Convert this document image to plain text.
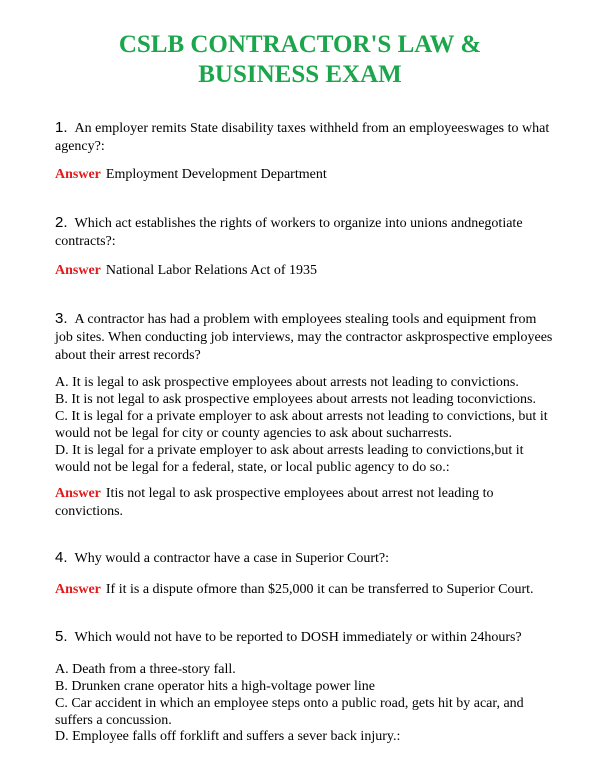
CSLB CONTRACTOR'S LAW &
BUSINESS EXAM
1. An employer remits State disability taxes withheld from an employeeswages to what agency?:
Answer Employment Development Department
2. Which act establishes the rights of workers to organize into unions andnegotiate contracts?:
Answer National Labor Relations Act of 1935
3. A contractor has had a problem with employees stealing tools and equipment from job sites. When conducting job interviews, may the contractor askprospective employees about their arrest records?
A. It is legal to ask prospective employees about arrests not leading to convictions.
B. It is not legal to ask prospective employees about arrests not leading toconvictions.
C. It is legal for a private employer to ask about arrests not leading to convictions, but it would not be legal for city or county agencies to ask about sucharrests.
D. It is legal for a private employer to ask about arrests leading to convictions,but it would not be legal for a federal, state, or local public agency to do so.:
Answer Itis not legal to ask prospective employees about arrest not leading to convictions.
4. Why would a contractor have a case in Superior Court?:
Answer If it is a dispute ofmore than $25,000 it can be transferred to Superior Court.
5. Which would not have to be reported to DOSH immediately or within 24hours?
A. Death from a three-story fall.
B. Drunken crane operator hits a high-voltage power line
C. Car accident in which an employee steps onto a public road, gets hit by acar, and suffers a concussion.
D. Employee falls off forklift and suffers a sever back injury.:
